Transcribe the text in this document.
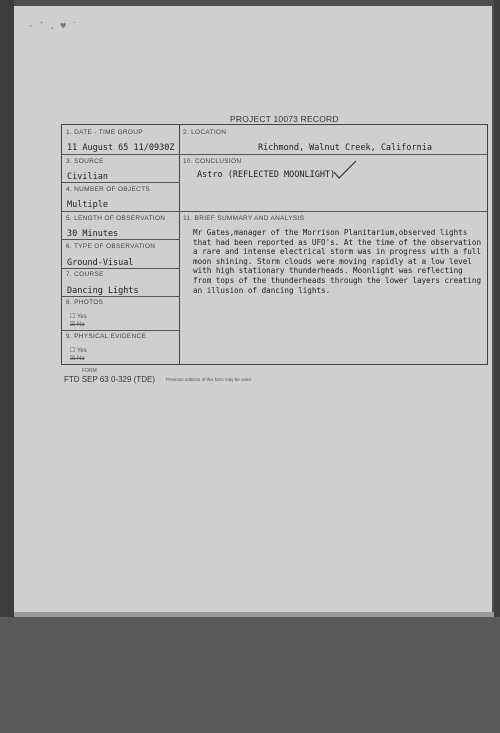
· ˇ . ♥ ˙
PROJECT 10073 RECORD
1. DATE - TIME GROUP
11 August 65 11/0930Z
2. LOCATION
Richmond, Walnut Creek, California
3. SOURCE
Civilian
10. CONCLUSION
Astro (REFLECTED MOONLIGHT)
4. NUMBER OF OBJECTS
Multiple
5. LENGTH OF OBSERVATION
30 Minutes
11. BRIEF SUMMARY AND ANALYSIS
6. TYPE OF OBSERVATION
Ground-Visual
7. COURSE
Dancing Lights
8. PHOTOS
☐ Yes
☒ No
9. PHYSICAL EVIDENCE
☐ Yes
☒ No
Mr Gates,manager of the Morrison Planitarium,observed lights
that had been reported as UFO's. At the time of the observation
a rare and intense electrical storm was in progress with a full
moon shining. Storm clouds were moving rapidly at a low level
with high stationary thunderheads. Moonlight was reflecting
from tops of the thunderheads through the lower layers creating
an illusion of dancing lights.
FORM
FTD SEP 63 0-329 (TDE) Previous editions of this form may be used.
